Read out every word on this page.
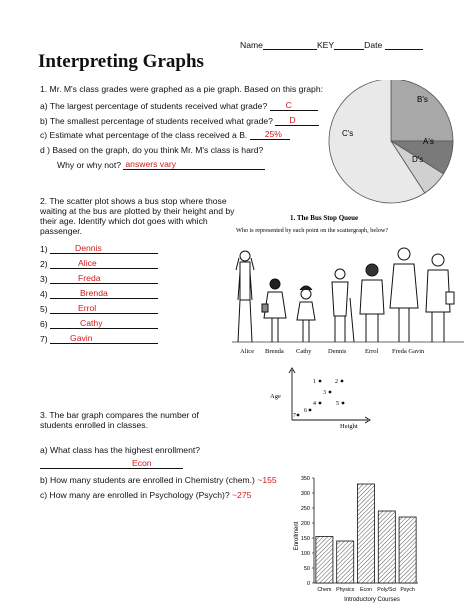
Name	KEY	Date
Interpreting Graphs
1. Mr. M's class grades were graphed as a pie graph. Based on this graph:
a) The largest percentage of students received what grade? C
b) The smallest percentage of students received what grade? D
c) Estimate what percentage of the class received a B. 25%
d ) Based on the graph, do you think Mr. M's class is hard?
Why or why not? answers vary
B's
A's
D's
C's
2. The scatter plot shows a bus stop where those
waiting at the bus are plotted by their height and by
their age. Identify which dot goes with which
passenger.
1)	Dennis
2)	Alice
3)	Freda
4)	Brenda
5)	Errol
6)	Cathy
7)	Gavin
1. The Bus Stop Queue
Who is represented by each point on the scattergraph, below?
Alice Brenda Cathy	Dennis	Errol Freda Gavin
Age
Height
1	2
3
4	5
6
7
3. The bar graph compares the number of
students enrolled in classes.
a) What class has the highest enrollment?
Econ
b) How many students are enrolled in Chemistry (chem.) ~155
c) How many are enrolled in Psychology (Psych)? ~275
0
50
100
150
200
250
300
350
Chem Physics Econ Poly/Sci Psych
Enrollment
Introductory Courses
